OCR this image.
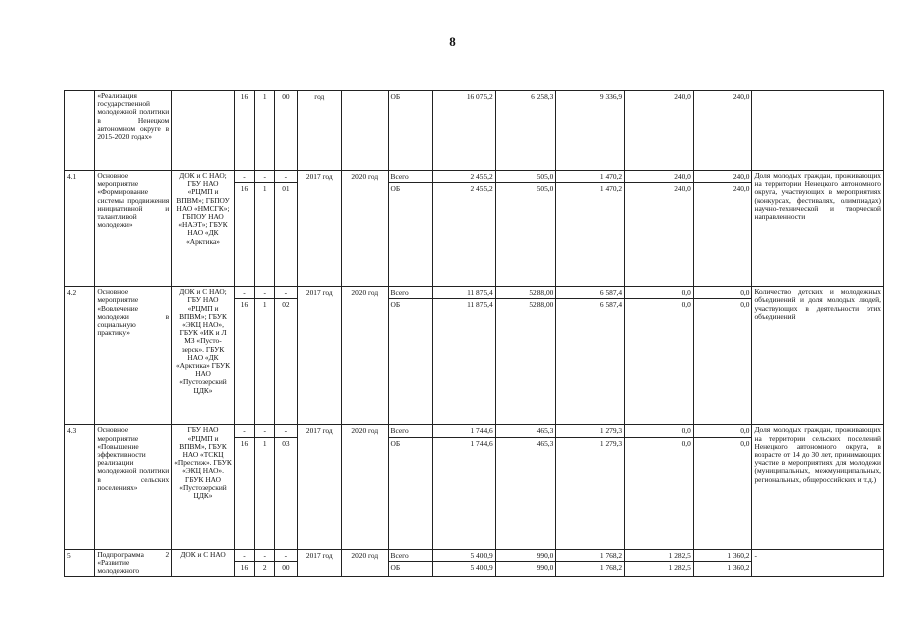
8
	«Реализация государственной молодежной политики в Ненецком автономном округе в 2015-2020 годах»		16	1	00	год		ОБ	16 075,2	6 258,3	9 336,9	240,0	240,0	
4.1	Основное мероприятие «Формирование системы продвижения инициативной и талантливой молодежи»	ДОК и С НАО; ГБУ НАО «РЦМП и ВПВМ»; ГБПОУ НАО «НМСГК»; ГБПОУ НАО «НАЭТ»; ГБУК НАО «ДК «Арктика»	-	-	-	2017 год	2020 год	Всего	2 455,2	505,0	1 470,2	240,0	240,0	Доля молодых граждан, проживающих на территории Ненецкого автономного округа, участвующих в мероприятиях (конкурсах, фестивалях, олимпиадах) научно-технической и творческой направленности
			16	1	01			ОБ	2 455,2	505,0	1 470,2	240,0	240,0	
4.2	Основное мероприятие «Вовлечение молодежи в социальную практику»	ДОК и С НАО; ГБУ НАО «РЦМП и ВПВМ»; ГБУК «ЭКЦ НАО», ГБУК «ИК и Л МЗ «Пусто-зерск». ГБУК НАО «ДК «Арктика» ГБУК НАО «Пустозерский ЦДК»	-	-	-	2017 год	2020 год	Всего	11 875,4	5288,00	6 587,4	0,0	0,0	Количество детских и молодежных объединений и доля молодых людей, участвующих в деятельности этих объединений
			16	1	02			ОБ	11 875,4	5288,00	6 587,4	0,0	0,0	
4.3	Основное мероприятие «Повышение эффективности реализации молодежной политики в сельских поселениях»	ГБУ НАО «РЦМП и ВПВМ», ГБУК НАО «ТСКЦ «Престиж». ГБУК «ЭКЦ НАО». ГБУК НАО «Пустозерский ЦДК»	-	-	-	2017 год	2020 год	Всего	1 744,6	465,3	1 279,3	0,0	0,0	Доля молодых граждан, проживающих на территории сельских поселений Ненецкого автономного округа, в возрасте от 14 до 30 лет, принимающих участие в мероприятиях для молодежи (муниципальных, межмуниципальных, региональных, общероссийских и т.д.)
			16	1	03			ОБ	1 744,6	465,3	1 279,3	0,0	0,0	
5	Подпрограмма 2 «Развитие молодежного	ДОК и С НАО	-	-	-	2017 год	2020 год	Всего	5 400,9	990,0	1 768,2	1 282,5	1 360,2	-
			16	2	00			ОБ	5 400,9	990,0	1 768,2	1 282,5	1 360,2	
